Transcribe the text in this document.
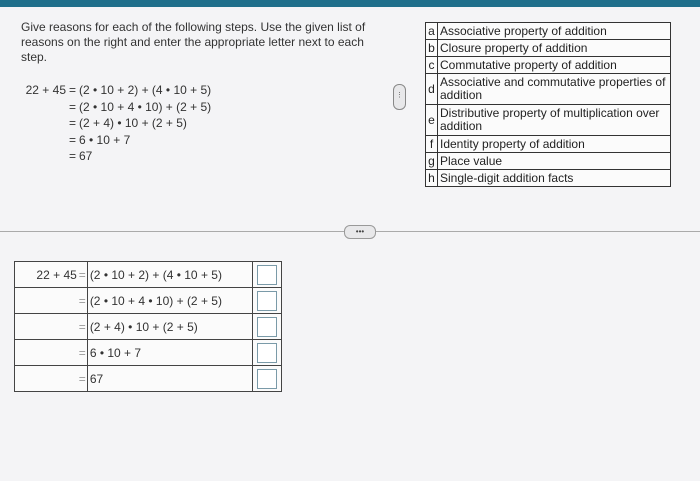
Give reasons for each of the following steps. Use the given list of reasons on the right and enter the appropriate letter next to each step.
22 + 45 = (2 • 10 + 2) + (4 • 10 + 5)
= (2 • 10 + 4 • 10) + (2 + 5)
= (2 + 4) • 10 + (2 + 5)
= 6 • 10 + 7
= 67
⋮
a	Associative property of addition
b	Closure property of addition
c	Commutative property of addition
d	Associative and commutative properties of addition
e	Distributive property of multiplication over addition
f	Identity property of addition
g	Place value
h	Single-digit addition facts
•••
22 + 45 =	(2 • 10 + 2) + (4 • 10 + 5)	
=	(2 • 10 + 4 • 10) + (2 + 5)	
=	(2 + 4) • 10 + (2 + 5)	
=	6 • 10 + 7	
=	67	
